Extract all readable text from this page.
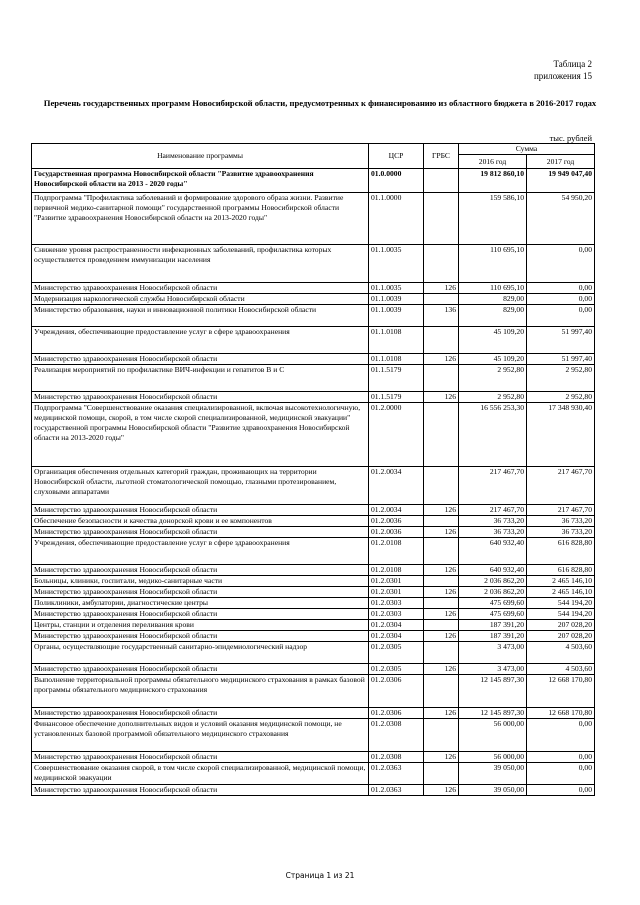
Таблица 2
приложения 15
Перечень государственных программ Новосибирской области, предусмотренных к финансированию из областного бюджета в 2016-2017 годах
тыс. рублей
Наименование программы	ЦСР	ГРБС	Сумма	
			2016 год	2017 год
Государственная программа Новосибирской области "Развитие здравоохранения Новосибирской области на 2013 - 2020 годы"	01.0.0000		19 812 860,10	19 949 047,40
Подпрограмма "Профилактика заболеваний и формирование здорового образа жизни. Развитие первичной медико-санитарной помощи" государственной программы Новосибирской области "Развитие здравоохранения Новосибирской области на 2013-2020 годы"	01.1.0000		159 586,10	54 950,20
Снижение уровня распространенности инфекционных заболеваний, профилактика которых осуществляется проведением иммунизации населения	01.1.0035		110 695,10	0,00
Министерство здравоохранения Новосибирской области	01.1.0035	126	110 695,10	0,00
Модернизация наркологической службы Новосибирской области	01.1.0039		829,00	0,00
Министерство образования, науки и инновационной политики Новосибирской области	01.1.0039	136	829,00	0,00
Учреждения, обеспечивающие предоставление услуг в сфере здравоохранения	01.1.0108		45 109,20	51 997,40
Министерство здравоохранения Новосибирской области	01.1.0108	126	45 109,20	51 997,40
Реализация мероприятий по профилактике ВИЧ-инфекции и гепатитов В и С	01.1.5179		2 952,80	2 952,80
Министерство здравоохранения Новосибирской области	01.1.5179	126	2 952,80	2 952,80
Подпрограмма "Совершенствование оказания специализированной, включая высокотехнологичную, медицинской помощи, скорой, в том числе скорой специализированной, медицинской эвакуации" государственной программы Новосибирской области "Развитие здравоохранения Новосибирской области на 2013-2020 годы"	01.2.0000		16 556 253,30	17 348 930,40
Организация обеспечения отдельных категорий граждан, проживающих на территории Новосибирской области, льготной стоматологической помощью, глазными протезированием, слуховыми аппаратами	01.2.0034		217 467,70	217 467,70
Министерство здравоохранения Новосибирской области	01.2.0034	126	217 467,70	217 467,70
Обеспечение безопасности и качества донорской крови и ее компонентов	01.2.0036		36 733,20	36 733,20
Министерство здравоохранения Новосибирской области	01.2.0036	126	36 733,20	36 733,20
Учреждения, обеспечивающие предоставление услуг в сфере здравоохранения	01.2.0108		640 932,40	616 828,80
Министерство здравоохранения Новосибирской области	01.2.0108	126	640 932,40	616 828,80
Больницы, клиники, госпитали, медико-санитарные части	01.2.0301		2 036 862,20	2 465 146,10
Министерство здравоохранения Новосибирской области	01.2.0301	126	2 036 862,20	2 465 146,10
Поликлиники, амбулатории, диагностические центры	01.2.0303		475 699,60	544 194,20
Министерство здравоохранения Новосибирской области	01.2.0303	126	475 699,60	544 194,20
Центры, станции и отделения переливания крови	01.2.0304		187 391,20	207 028,20
Министерство здравоохранения Новосибирской области	01.2.0304	126	187 391,20	207 028,20
Органы, осуществляющие государственный санитарно-эпидемиологический надзор	01.2.0305		3 473,00	4 503,60
Министерство здравоохранения Новосибирской области	01.2.0305	126	3 473,00	4 503,60
Выполнение территориальной программы обязательного медицинского страхования в рамках базовой программы обязательного медицинского страхования	01.2.0306		12 145 897,30	12 668 170,80
Министерство здравоохранения Новосибирской области	01.2.0306	126	12 145 897,30	12 668 170,80
Финансовое обеспечение дополнительных видов и условий оказания медицинской помощи, не установленных базовой программой обязательного медицинского страхования	01.2.0308		56 000,00	0,00
Министерство здравоохранения Новосибирской области	01.2.0308	126	56 000,00	0,00
Совершенствование оказания скорой, в том числе скорой специализированной, медицинской помощи, медицинской эвакуации	01.2.0363		39 050,00	0,00
Министерство здравоохранения Новосибирской области	01.2.0363	126	39 050,00	0,00
Страница 1 из 21
